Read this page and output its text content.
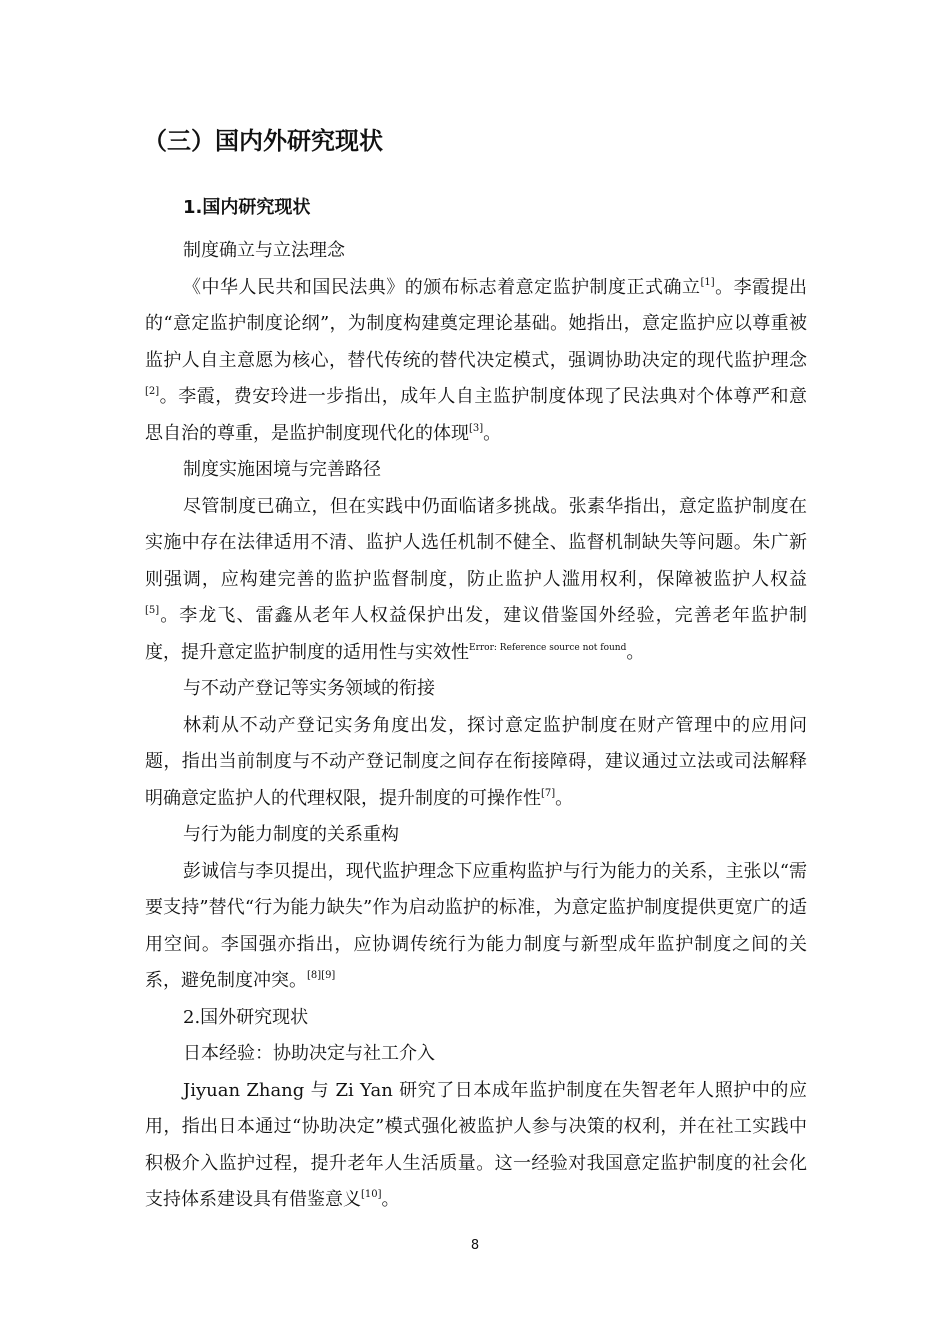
（三）国内外研究现状
1.国内研究现状

制度确立与立法理念

《中华人民共和国民法典》的颁布标志着意定监护制度正式确立[1]。李霞提出的“意定监护制度论纲”，为制度构建奠定理论基础。她指出，意定监护应以尊重被监护人自主意愿为核心，替代传统的替代决定模式，强调协助决定的现代监护理念[2]。李霞，费安玲进一步指出，成年人自主监护制度体现了民法典对个体尊严和意思自治的尊重，是监护制度现代化的体现[3]。

制度实施困境与完善路径

尽管制度已确立，但在实践中仍面临诸多挑战。张素华指出，意定监护制度在实施中存在法律适用不清、监护人选任机制不健全、监督机制缺失等问题。朱广新则强调，应构建完善的监护监督制度，防止监护人滥用权利，保障被监护人权益[5]。李龙飞、雷鑫从老年人权益保护出发，建议借鉴国外经验，完善老年监护制度，提升意定监护制度的适用性与实效性$^{Error: Reference source not found}$。

与不动产登记等实务领域的衔接

林莉从不动产登记实务角度出发，探讨意定监护制度在财产管理中的应用问题，指出当前制度与不动产登记制度之间存在衔接障碍，建议通过立法或司法解释明确意定监护人的代理权限，提升制度的可操作性[7]。

与行为能力制度的关系重构

彭诚信与李贝提出，现代监护理念下应重构监护与行为能力的关系，主张以“需要支持”替代“行为能力缺失”作为启动监护的标准，为意定监护制度提供更宽广的适用空间。李国强亦指出，应协调传统行为能力制度与新型成年监护制度之间的关系，避免制度冲突。[8][9]

2.国外研究现状

日本经验：协助决定与社工介入

Jiyuan Zhang 与 Zi Yan 研究了日本成年监护制度在失智老年人照护中的应用，指出日本通过“协助决定”模式强化被监护人参与决策的权利，并在社工实践中积极介入监护过程，提升老年人生活质量。这一经验对我国意定监护制度的社会化支持体系建设具有借鉴意义[10]。

8
